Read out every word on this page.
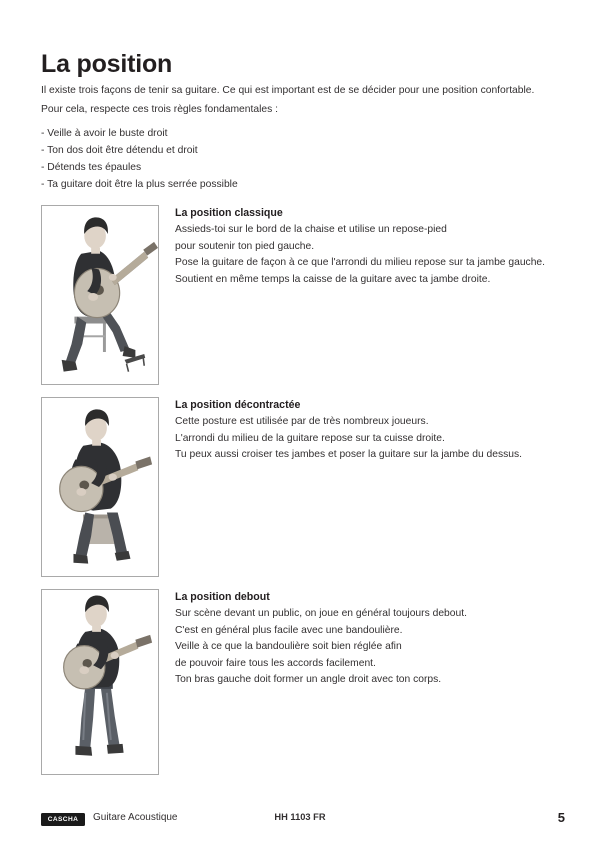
La position
Il existe trois façons de tenir sa guitare. Ce qui est important est de se décider pour une position confortable.
Pour cela, respecte ces trois règles fondamentales :
- Veille à avoir le buste droit
- Ton dos doit être détendu et droit
- Détends tes épaules
- Ta guitare doit être la plus serrée possible
La position classique
Assieds-toi sur le bord de la chaise et utilise un repose-pied
pour soutenir ton pied gauche.
Pose la guitare de façon à ce que l'arrondi du milieu repose sur ta jambe gauche.
Soutient en même temps la caisse de la guitare avec ta jambe droite.
La position décontractée
Cette posture est utilisée par de très nombreux joueurs.
L'arrondi du milieu de la guitare repose sur ta cuisse droite.
Tu peux aussi croiser tes jambes et poser la guitare sur la jambe du dessus.
La position debout
Sur scène devant un public, on joue en général toujours debout.
C'est en général plus facile avec une bandoulière.
Veille à ce que la bandoulière soit bien réglée afin
de pouvoir faire tous les accords facilement.
Ton bras gauche doit former un angle droit avec ton corps.
CASCHA	Guitare Acoustique	HH 1103 FR	5
